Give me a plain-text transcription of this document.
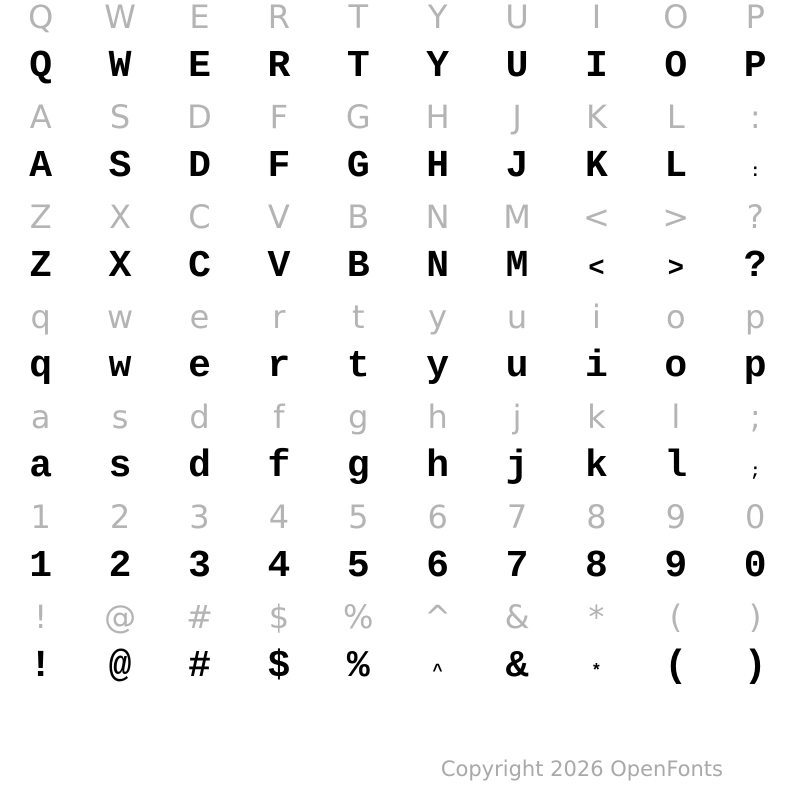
Q W E R T Y U I O P
Q W E R T Y U I O P
A S D F G H J K L :
A S D F G H J K L	:
Z X C V B N M < > ?
Z X C V B N M < > ?
q w e r t y u i o p
q w e r t y u i o p
a s d f g h j k l ;
a s d f g h j k l	;
1 2 3 4 5 6 7 8 9 0
1 2 3 4 5 6 7 8 9 0
! @ # $ % ^ & * ( )
! @ # $ %	^ &	* ( )
Copyright 2026 OpenFonts
